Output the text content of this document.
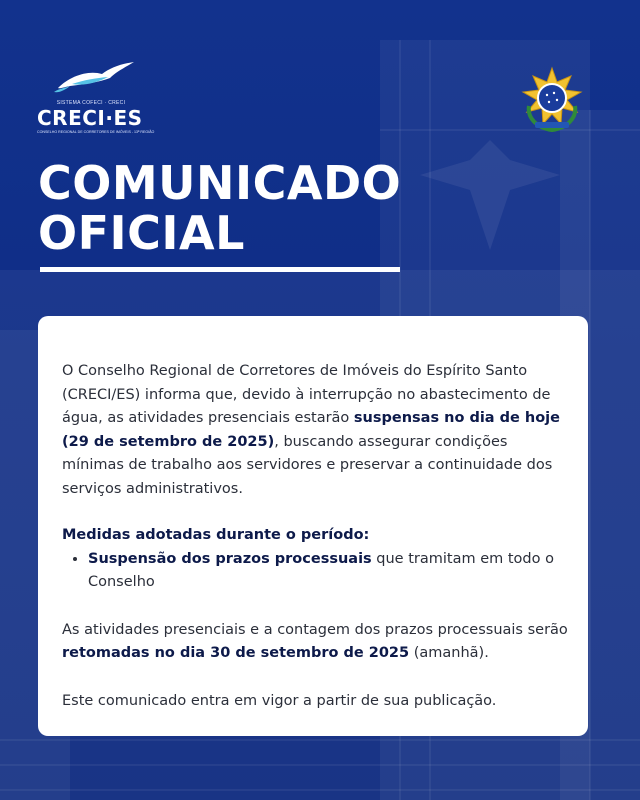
SISTEMA COFECI · CRECI
CRECI·ES
CONSELHO REGIONAL DE CORRETORES DE IMÓVEIS - 13ª REGIÃO
COMUNICADO
OFICIAL

O Conselho Regional de Corretores de Imóveis do Espírito Santo (CRECI/ES) informa que, devido à interrupção no abastecimento de água, as atividades presenciais estarão suspensas no dia de hoje (29 de setembro de 2025), buscando assegurar condições mínimas de trabalho aos servidores e preservar a continuidade dos serviços administrativos.

Medidas adotadas durante o período:

• Suspensão dos prazos processuais que tramitam em todo o Conselho

As atividades presenciais e a contagem dos prazos processuais serão retomadas no dia 30 de setembro de 2025 (amanhã).

Este comunicado entra em vigor a partir de sua publicação.
